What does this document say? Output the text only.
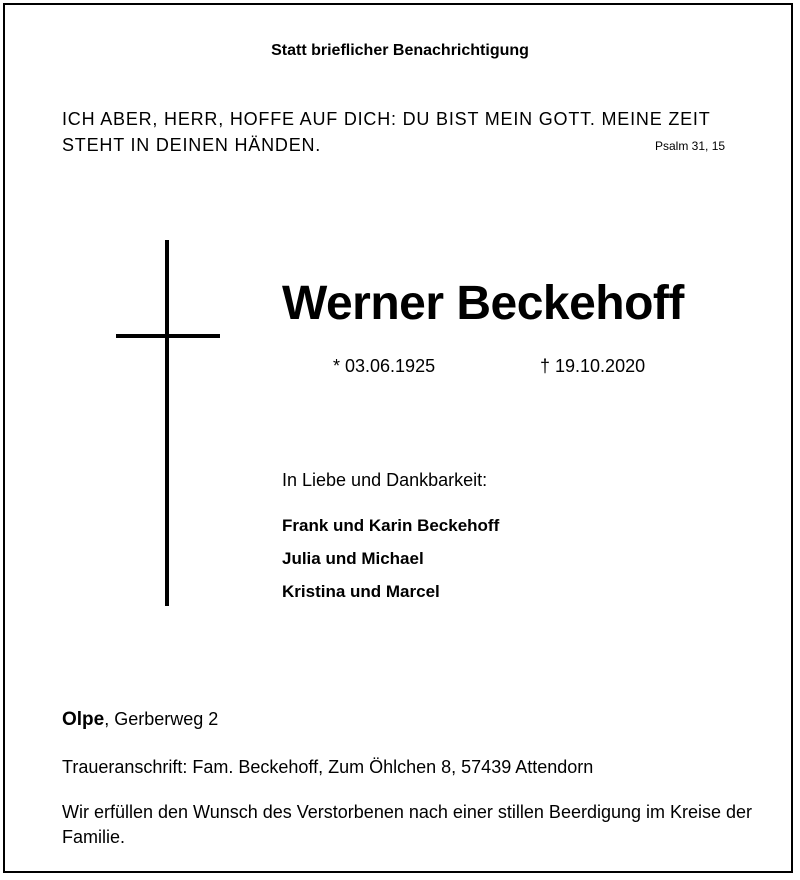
Statt brieflicher Benachrichtigung
ICH ABER, HERR, HOFFE AUF DICH: DU BIST MEIN GOTT. MEINE ZEIT STEHT IN DEINEN HÄNDEN.	Psalm 31, 15
Werner Beckehoff
* 03.06.1925	† 19.10.2020
In Liebe und Dankbarkeit:
Frank und Karin Beckehoff
Julia und Michael
Kristina und Marcel
Olpe, Gerberweg 2
Traueranschrift: Fam. Beckehoff, Zum Öhlchen 8, 57439 Attendorn
Wir erfüllen den Wunsch des Verstorbenen nach einer stillen Beerdigung im Kreise der Familie.
